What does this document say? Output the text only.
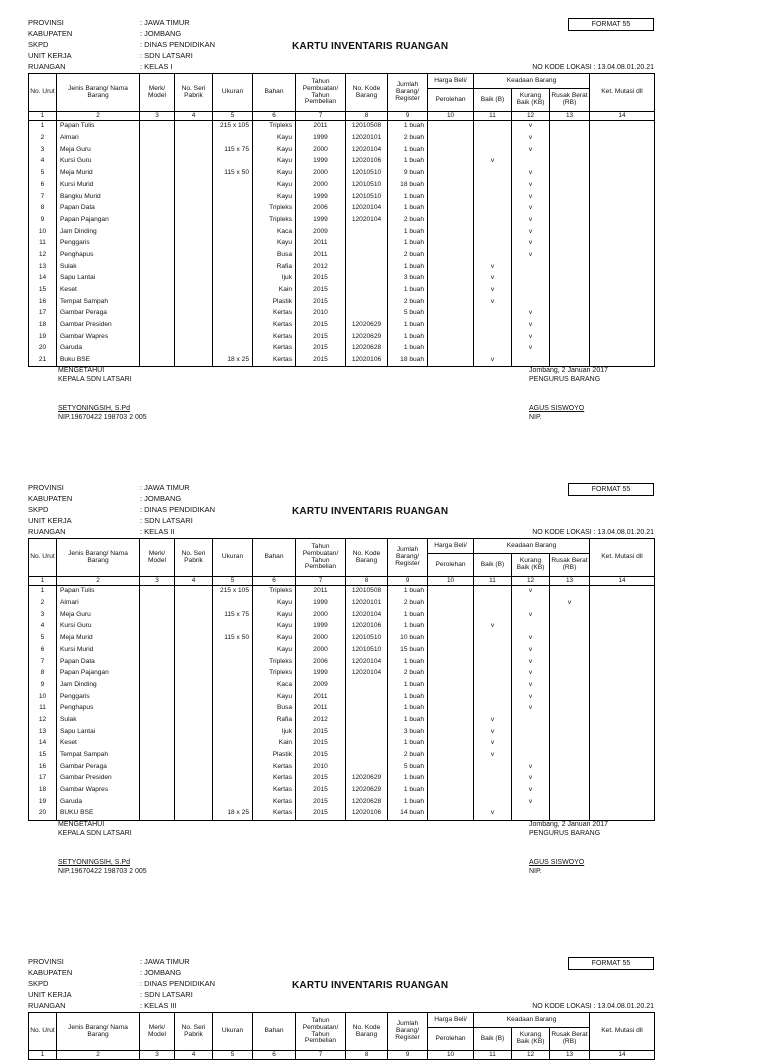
PROVINSI	: JAWA TIMUR
KABUPATEN	: JOMBANG
SKPD	: DINAS PENDIDIKAN
UNIT KERJA	: SDN LATSARI
RUANGAN	: KELAS I
FORMAT 55
KARTU INVENTARIS RUANGAN
NO KODE LOKASI : 13.04.08.01.20.21
No. Urut	Jenis Barang/ Nama Barang	Merk/ Model	No. Seri Pabrik	Ukuran	Bahan	Tahun Pembuatan/ Tahun Pembelian	No. Kode Barang	Jumlah Barang/ Register	Harga Beli/	Keadaan Barang			Ket. Mutasi dll
									Perolehan	Baik (B)	Kurang Baik (KB)	Rusak Berat (RB)	
1	2	3	4	5	6	7	8	9	10	11	12	13	14
1	Papan Tulis			215 x 105	Tripleks	2011	12010508	1 buah			v		
2	Almari				Kayu	1999	12020101	2 buah			v		
3	Meja Guru			115 x 75	Kayu	2000	12020104	1 buah			v		
4	Kursi Guru				Kayu	1999	12020106	1 buah		v			
5	Meja Murid			115 x 50	Kayu	2000	12010510	9 buah			v		
6	Kursi Murid				Kayu	2000	12010510	18 buah			v		
7	Bangku Murid				Kayu	1999	12010510	1 buah			v		
8	Papan Data				Tripleks	2006	12020104	1 buah			v		
9	Papan Pajangan				Tripleks	1999	12020104	2 buah			v		
10	Jam Dinding				Kaca	2009		1 buah			v		
11	Penggaris				Kayu	2011		1 buah			v		
12	Penghapus				Busa	2011		2 buah			v		
13	Sulak				Rafia	2012		1 buah		v			
14	Sapu Lantai				Ijuk	2015		3 buah		v			
15	Keset				Kain	2015		1 buah		v			
16	Tempat Sampah				Plastik	2015		2 buah		v			
17	Gambar Peraga				Kertas	2010		5 buah			v		
18	Gambar Presiden				Kertas	2015	12020629	1 buah			v		
19	Gambar Wapres				Kertas	2015	12020629	1 buah			v		
20	Garuda				Kertas	2015	12020628	1 buah			v		
21	Buku BSE			18 x 25	Kertas	2015	12020106	18 buah		v			
MENGETAHUI
KEPALA SDN LATSARI
SETYONINGSIH, S.Pd
NIP.19670422 198703 2 005
Jombang, 2 Januari 2017
PENGURUS BARANG
AGUS SISWOYO
NIP.
PROVINSI	: JAWA TIMUR
KABUPATEN	: JOMBANG
SKPD	: DINAS PENDIDIKAN
UNIT KERJA	: SDN LATSARI
RUANGAN	: KELAS II
FORMAT 55
KARTU INVENTARIS RUANGAN
NO KODE LOKASI : 13.04.08.01.20.21
No. Urut	Jenis Barang/ Nama Barang	Merk/ Model	No. Seri Pabrik	Ukuran	Bahan	Tahun Pembuatan/ Tahun Pembelian	No. Kode Barang	Jumlah Barang/ Register	Harga Beli/	Keadaan Barang			Ket. Mutasi dll
									Perolehan	Baik (B)	Kurang Baik (KB)	Rusak Berat (RB)	
1	2	3	4	5	6	7	8	9	10	11	12	13	14
1	Papan Tulis			215 x 105	Tripleks	2011	12010508	1 buah			v		
2	Almari				Kayu	1999	12020101	2 buah				v	
3	Meja Guru			115 x 75	Kayu	2000	12020104	1 buah			v		
4	Kursi Guru				Kayu	1999	12020106	1 buah		v			
5	Meja Murid			115 x 50	Kayu	2000	12010510	10 buah			v		
6	Kursi Murid				Kayu	2000	12010510	15 buah			v		
7	Papan Data				Tripleks	2006	12020104	1 buah			v		
8	Papan Pajangan				Tripleks	1999	12020104	2 buah			v		
9	Jam Dinding				Kaca	2009		1 buah			v		
10	Penggaris				Kayu	2011		1 buah			v		
11	Penghapus				Busa	2011		1 buah			v		
12	Sulak				Rafia	2012		1 buah		v			
13	Sapu Lantai				Ijuk	2015		3 buah		v			
14	Keset				Kain	2015		1 buah		v			
15	Tempat Sampah				Plastik	2015		2 buah		v			
16	Gambar Peraga				Kertas	2010		5 buah			v		
17	Gambar Presiden				Kertas	2015	12020629	1 buah			v		
18	Gambar Wapres				Kertas	2015	12020629	1 buah			v		
19	Garuda				Kertas	2015	12020628	1 buah			v		
20	BUKU BSE			18 x 25	Kertas	2015	12020106	14 buah		v			
MENGETAHUI
KEPALA SDN LATSARI
SETYONINGSIH, S.Pd
NIP.19670422 198703 2 005
Jombang, 2 Januari 2017
PENGURUS BARANG
AGUS SISWOYO
NIP.
PROVINSI	: JAWA TIMUR
KABUPATEN	: JOMBANG
SKPD	: DINAS PENDIDIKAN
UNIT KERJA	: SDN LATSARI
RUANGAN	: KELAS III
FORMAT 55
KARTU INVENTARIS RUANGAN
NO KODE LOKASI : 13.04.08.01.20.21
No. Urut	Jenis Barang/ Nama Barang	Merk/ Model	No. Seri Pabrik	Ukuran	Bahan	Tahun Pembuatan/ Tahun Pembelian	No. Kode Barang	Jumlah Barang/ Register	Harga Beli/	Keadaan Barang			Ket. Mutasi dll
									Perolehan	Baik (B)	Kurang Baik (KB)	Rusak Berat (RB)	
1	2	3	4	5	6	7	8	9	10	11	12	13	14
